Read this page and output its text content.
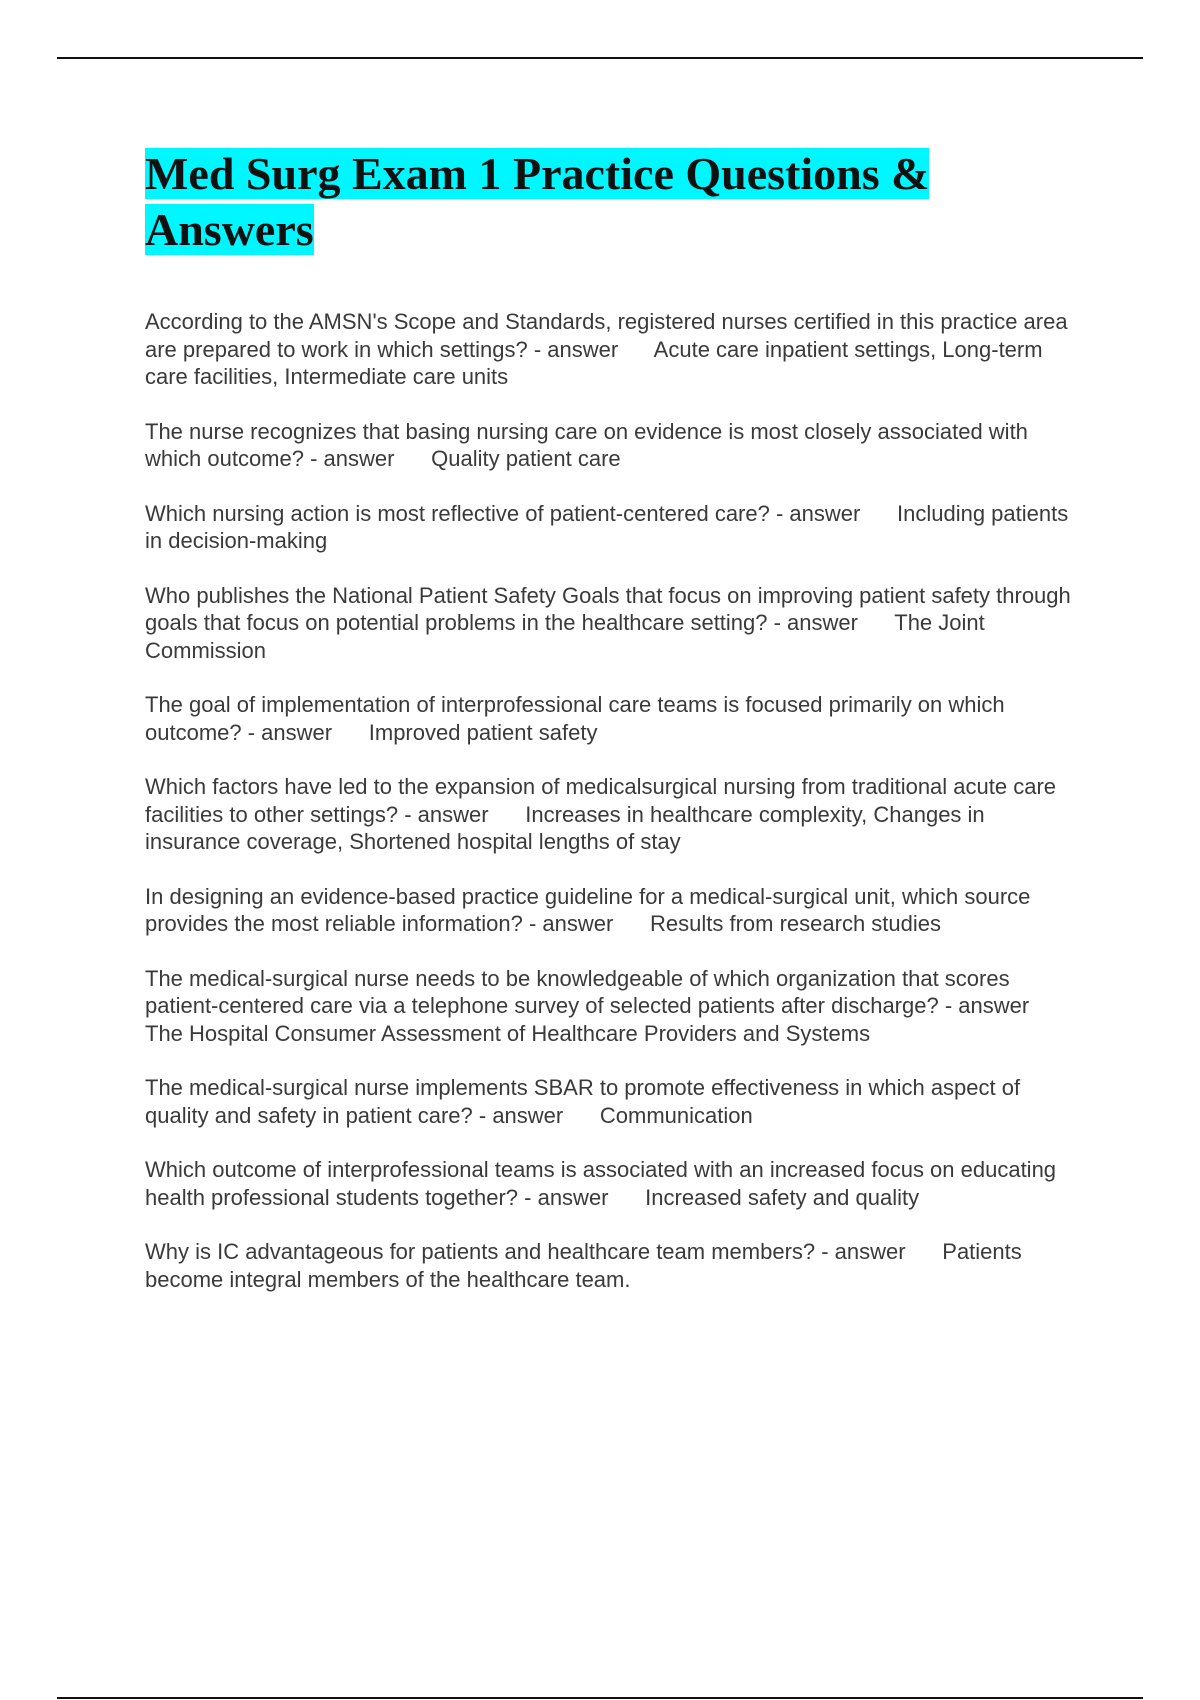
Med Surg Exam 1 Practice Questions & Answers

According to the AMSN's Scope and Standards, registered nurses certified in this practice area are prepared to work in which settings? - answer      Acute care inpatient settings, Long-term care facilities, Intermediate care units

The nurse recognizes that basing nursing care on evidence is most closely associated with which outcome? - answer      Quality patient care

Which nursing action is most reflective of patient-centered care? - answer      Including patients in decision-making

Who publishes the National Patient Safety Goals that focus on improving patient safety through goals that focus on potential problems in the healthcare setting? - answer      The Joint Commission

The goal of implementation of interprofessional care teams is focused primarily on which outcome? - answer      Improved patient safety

Which factors have led to the expansion of medicalsurgical nursing from traditional acute care facilities to other settings? - answer      Increases in healthcare complexity, Changes in insurance coverage, Shortened hospital lengths of stay

In designing an evidence-based practice guideline for a medical-surgical unit, which source provides the most reliable information? - answer      Results from research studies

The medical-surgical nurse needs to be knowledgeable of which organization that scores patient-centered care via a telephone survey of selected patients after discharge? - answer      The Hospital Consumer Assessment of Healthcare Providers and Systems

The medical-surgical nurse implements SBAR to promote effectiveness in which aspect of quality and safety in patient care? - answer      Communication

Which outcome of interprofessional teams is associated with an increased focus on educating health professional students together? - answer      Increased safety and quality

Why is IC advantageous for patients and healthcare team members? - answer      Patients become integral members of the healthcare team.
